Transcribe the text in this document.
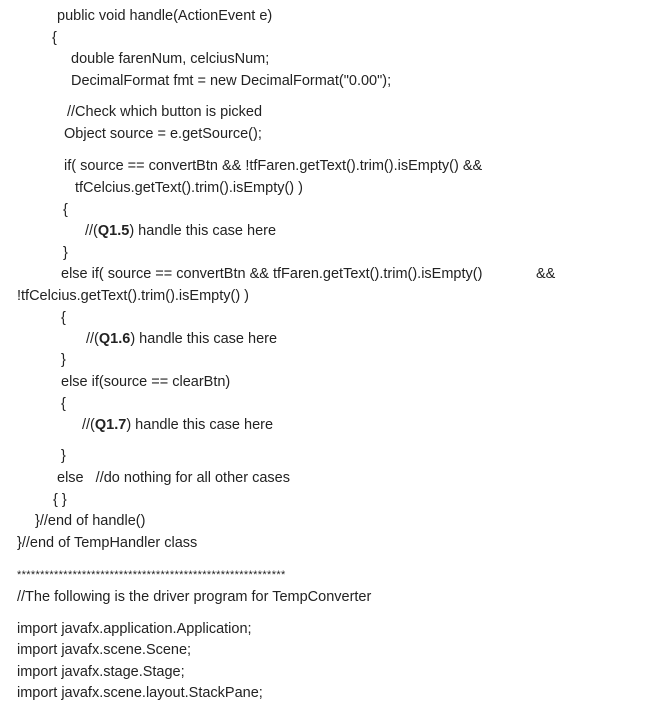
public void handle(ActionEvent e)
{
double farenNum, celciusNum;
DecimalFormat fmt = new DecimalFormat("0.00");
//Check which button is picked
Object source = e.getSource();
if( source == convertBtn && !tfFaren.getText().trim().isEmpty() &&
tfCelcius.getText().trim().isEmpty() )
{
//(Q1.5) handle this case here
}
else if( source == convertBtn && tfFaren.getText().trim().isEmpty()	&&
!tfCelcius.getText().trim().isEmpty() )
{
//(Q1.6) handle this case here
}
else if(source == clearBtn)
{
//(Q1.7) handle this case here
}
else   //do nothing for all other cases
{ }
}//end of handle()
}//end of TempHandler class
**********************************************************
//The following is the driver program for TempConverter
import javafx.application.Application;
import javafx.scene.Scene;
import javafx.stage.Stage;
import javafx.scene.layout.StackPane;
